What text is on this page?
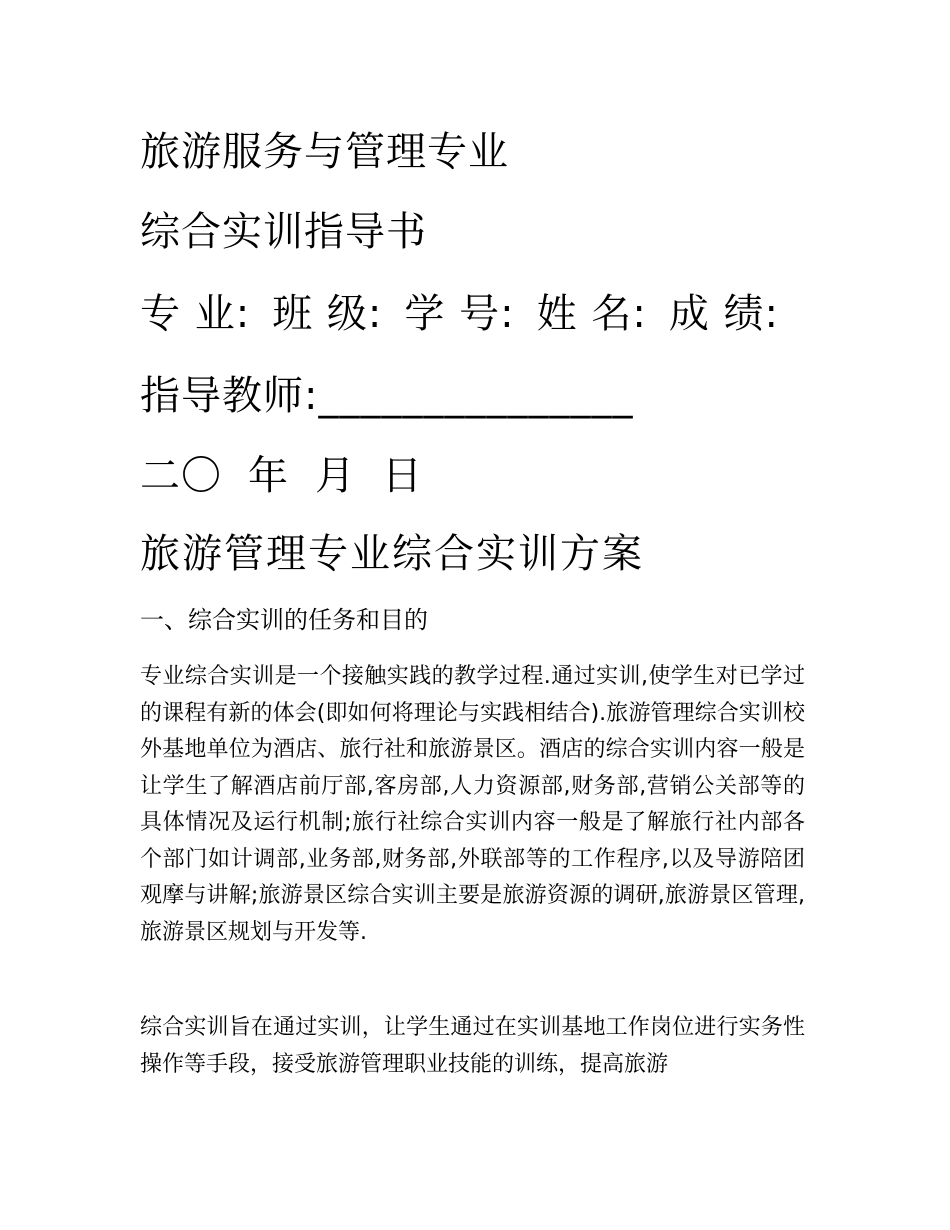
旅游服务与管理专业
综合实训指导书
专 业: 班 级: 学 号: 姓 名: 成 绩:
指导教师:_______________
二〇 年 月 日
旅游管理专业综合实训方案
一、综合实训的任务和目的
专业综合实训是一个接触实践的教学过程.通过实训,使学生对已学过的课程有新的体会(即如何将理论与实践相结合).旅游管理综合实训校外基地单位为酒店、旅行社和旅游景区。酒店的综合实训内容一般是让学生了解酒店前厅部,客房部,人力资源部,财务部,营销公关部等的具体情况及运行机制;旅行社综合实训内容一般是了解旅行社内部各个部门如计调部,业务部,财务部,外联部等的工作程序,以及导游陪团观摩与讲解;旅游景区综合实训主要是旅游资源的调研,旅游景区管理,旅游景区规划与开发等.
综合实训旨在通过实训，让学生通过在实训基地工作岗位进行实务性操作等手段，接受旅游管理职业技能的训练，提高旅游
